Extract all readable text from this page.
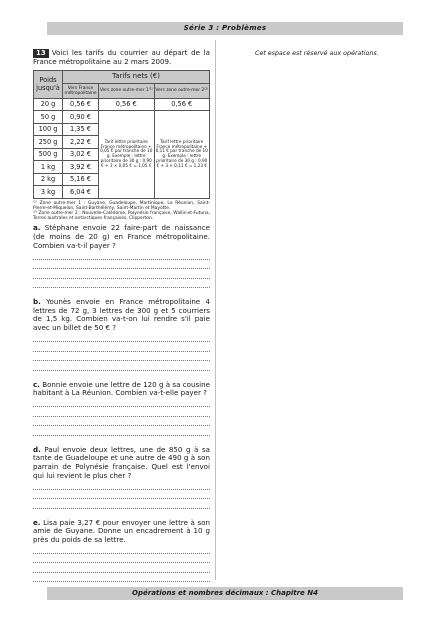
Série 3 : Problèmes
Cet espace est réservé aux opérations.
13 Voici les tarifs du courrier au départ de la France métropolitaine au 2 mars 2009.
Poids jusqu'à	Tarifs nets (€)		
	Vers France métropolitaine	Vers zone outre-mer 1⁽¹⁾	Vers zone outre-mer 2⁽²⁾
20 g	0,56 €	0,56 €	0,56 €
50 g	0,90 €	Tarif lettre prioritaire France métropolitaine + 0,05 € par tranche de 10 g. Exemple : lettre prioritaire de 30 g : 0,90 € + 3 × 0,05 € = 1,05 €	Tarif lettre prioritaire France métropolitaine + 0,11 € par tranche de 10 g. Exemple : lettre prioritaire de 30 g : 0,90 € + 3 × 0,11 € = 1,23 €
100 g	1,35 €		
250 g	2,22 €		
500 g	3,02 €		
1 kg	3,92 €		
2 kg	5,16 €		
3 kg	6,04 €		
⁽¹⁾ Zone outre-mer 1 : Guyane, Guadeloupe, Martinique, La Réunion, Saint-Pierre-et-Miquelon, Saint-Barthélémy, Saint-Martin et Mayotte.
⁽²⁾ Zone outre-mer 2 : Nouvelle-Calédonie, Polynésie française, Wallis-et-Futuna, Terres australes et antarctiques françaises, Clipperton.
a. Stéphane envoie 22 faire-part de naissance (de moins de 20 g) en France métropolitaine. Combien va-t-il payer ?
b. Younès envoie en France métropolitaine 4 lettres de 72 g, 3 lettres de 300 g et 5 courriers de 1,5 kg. Combien va-t-on lui rendre s'il paie avec un billet de 50 € ?
c. Bonnie envoie une lettre de 120 g à sa cousine habitant à La Réunion. Combien va-t-elle payer ?
d. Paul envoie deux lettres, une de 850 g à sa tante de Guadeloupe et une autre de 490 g à son parrain de Polynésie française. Quel est l'envoi qui lui revient le plus cher ?
e. Lisa paie 3,27 € pour envoyer une lettre à son amie de Guyane. Donne un encadrement à 10 g près du poids de sa lettre.
Opérations et nombres décimaux : Chapitre N4
